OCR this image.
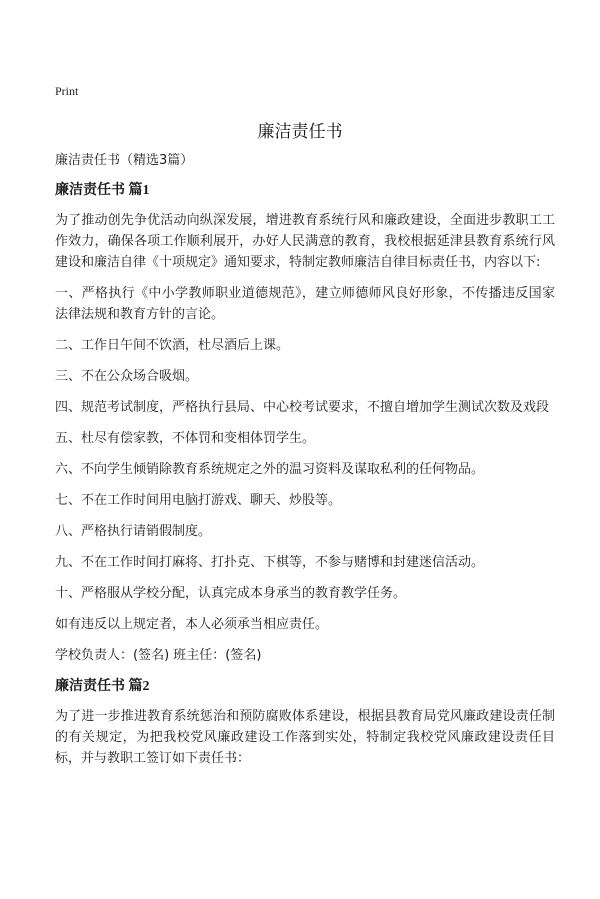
Print
廉洁责任书
廉洁责任书（精选3篇）
廉洁责任书 篇1

为了推动创先争优活动向纵深发展，增进教育系统行风和廉政建设，全面进步教职工工作效力，确保各项工作顺利展开，办好人民满意的教育，我校根据延津县教育系统行风建设和廉洁自律《十项规定》通知要求，特制定教师廉洁自律目标责任书，内容以下:

一、严格执行《中小学教师职业道德规范》，建立师德师风良好形象，不传播违反国家法律法规和教育方针的言论。

二、工作日午间不饮酒，杜尽酒后上课。

三、不在公众场合吸烟。

四、规范考试制度，严格执行县局、中心校考试要求，不擅自增加学生测试次数及戏段

五、杜尽有偿家教，不体罚和变相体罚学生。

六、不向学生倾销除教育系统规定之外的温习资料及谋取私利的任何物品。

七、不在工作时间用电脑打游戏、聊天、炒股等。

八、严格执行请销假制度。

九、不在工作时间打麻将、打扑克、下棋等，不参与赌博和封建迷信活动。

十、严格服从学校分配，认真完成本身承当的教育教学任务。

如有违反以上规定者，本人必须承当相应责任。

学校负责人：(签名) 班主任：(签名)

廉洁责任书 篇2

为了进一步推进教育系统惩治和预防腐败体系建设，根据县教育局党风廉政建设责任制的有关规定，为把我校党风廉政建设工作落到实处，特制定我校党风廉政建设责任目标，并与教职工签订如下责任书：
